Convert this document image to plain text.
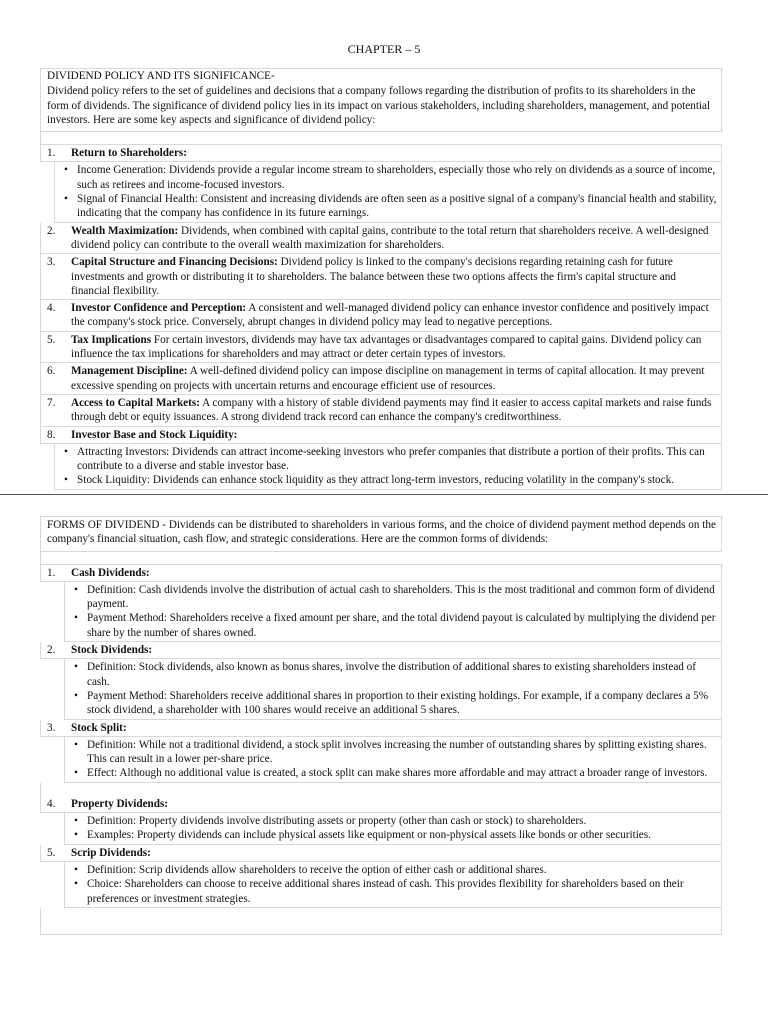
CHAPTER – 5
DIVIDEND POLICY AND ITS SIGNIFICANCE-

Dividend policy refers to the set of guidelines and decisions that a company follows regarding the distribution of profits to its shareholders in the form of dividends. The significance of dividend policy lies in its impact on various stakeholders, including shareholders, management, and potential investors. Here are some key aspects and significance of dividend policy:

1.	Return to Shareholders:
• Income Generation: Dividends provide a regular income stream to shareholders, especially those who rely on dividends as a source of income, such as retirees and income-focused investors.
• Signal of Financial Health: Consistent and increasing dividends are often seen as a positive signal of a company's financial health and stability, indicating that the company has confidence in its future earnings.
2.	Wealth Maximization: Dividends, when combined with capital gains, contribute to the total return that shareholders receive. A well-designed dividend policy can contribute to the overall wealth maximization for shareholders.
3.	Capital Structure and Financing Decisions: Dividend policy is linked to the company's decisions regarding retaining cash for future investments and growth or distributing it to shareholders. The balance between these two options affects the firm's capital structure and financial flexibility.
4.	Investor Confidence and Perception: A consistent and well-managed dividend policy can enhance investor confidence and positively impact the company's stock price. Conversely, abrupt changes in dividend policy may lead to negative perceptions.
5.	Tax Implications For certain investors, dividends may have tax advantages or disadvantages compared to capital gains. Dividend policy can influence the tax implications for shareholders and may attract or deter certain types of investors.
6.	Management Discipline: A well-defined dividend policy can impose discipline on management in terms of capital allocation. It may prevent excessive spending on projects with uncertain returns and encourage efficient use of resources.
7.	Access to Capital Markets: A company with a history of stable dividend payments may find it easier to access capital markets and raise funds through debt or equity issuances. A strong dividend track record can enhance the company's creditworthiness.
8.	Investor Base and Stock Liquidity:
• Attracting Investors: Dividends can attract income-seeking investors who prefer companies that distribute a portion of their profits. This can contribute to a diverse and stable investor base.
• Stock Liquidity: Dividends can enhance stock liquidity as they attract long-term investors, reducing volatility in the company's stock.

FORMS OF DIVIDEND - Dividends can be distributed to shareholders in various forms, and the choice of dividend payment method depends on the company's financial situation, cash flow, and strategic considerations. Here are the common forms of dividends:

1.	Cash Dividends:
• Definition: Cash dividends involve the distribution of actual cash to shareholders. This is the most traditional and common form of dividend payment.
• Payment Method: Shareholders receive a fixed amount per share, and the total dividend payout is calculated by multiplying the dividend per share by the number of shares owned.
2.	Stock Dividends:
• Definition: Stock dividends, also known as bonus shares, involve the distribution of additional shares to existing shareholders instead of cash.
• Payment Method: Shareholders receive additional shares in proportion to their existing holdings. For example, if a company declares a 5% stock dividend, a shareholder with 100 shares would receive an additional 5 shares.
3.	Stock Split:
• Definition: While not a traditional dividend, a stock split involves increasing the number of outstanding shares by splitting existing shares. This can result in a lower per-share price.
• Effect: Although no additional value is created, a stock split can make shares more affordable and may attract a broader range of investors.
4.	Property Dividends:
• Definition: Property dividends involve distributing assets or property (other than cash or stock) to shareholders.
• Examples: Property dividends can include physical assets like equipment or non-physical assets like bonds or other securities.
5.	Scrip Dividends:
• Definition: Scrip dividends allow shareholders to receive the option of either cash or additional shares.
• Choice: Shareholders can choose to receive additional shares instead of cash. This provides flexibility for shareholders based on their preferences or investment strategies.
